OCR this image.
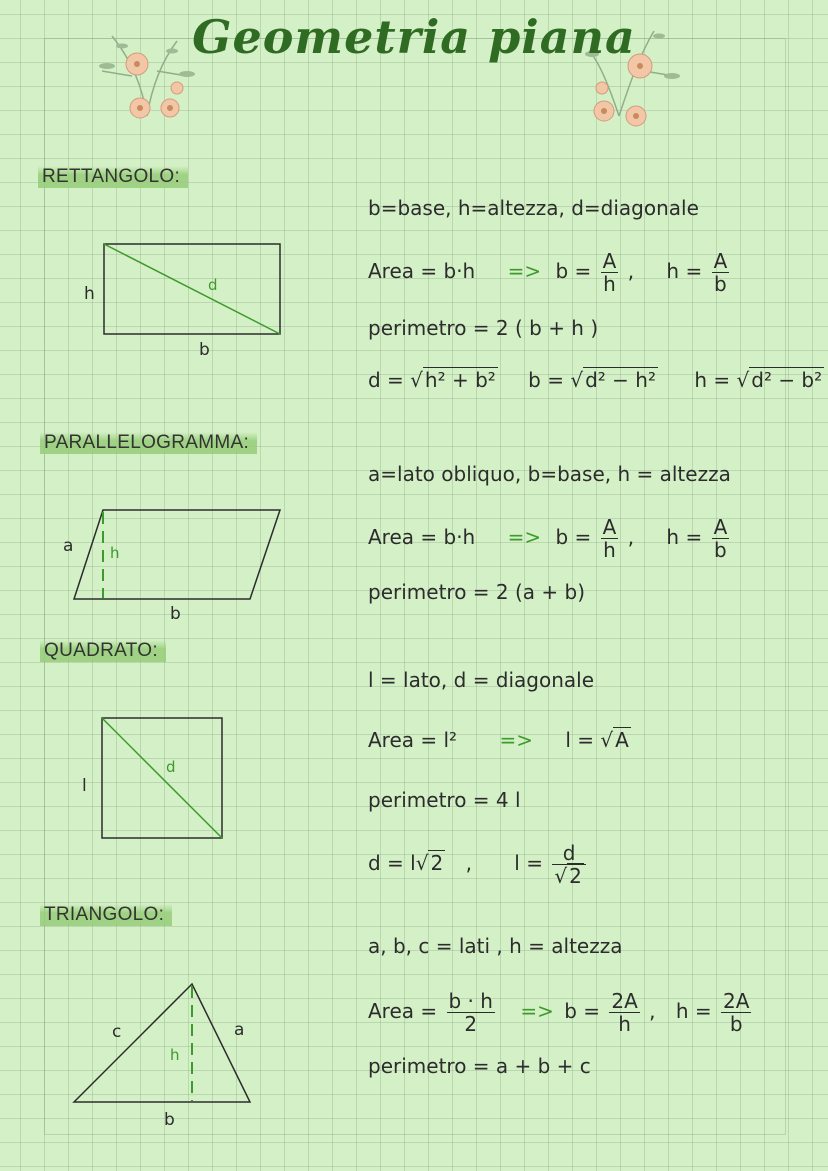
Geometria piana
RETTANGOLO:
h
b
d
b=base, h=altezza, d=diagonale
Area = $b\cdot h => b = \frac{A}{h}$ , $h = \frac{A}{b}$
perimetro = 2 ( b + h )
d = √ h² + b² b = √ d² − h² h = √ d² − b²
PARALLELOGRAMMA:
a h
b
a=lato obliquo, b=base, h = altezza
Area = $b\cdot h => b = \frac{A}{h}$ , $h = \frac{A}{b}$
perimetro = 2 (a + b)
QUADRATO:
l
d
l = lato, d = diagonale
Area = l² => l = √ A
perimetro = 4 l
d = l√ 2 , $l = \frac{d}{√ 2}$
TRIANGOLO:
c	a
h
b
a, b, c = lati , h = altezza
Area = $\frac{b \cdot h}{2} => b = \frac{2A}{h}$ , $h = \frac{2A}{b}$
perimetro = a + b + c
